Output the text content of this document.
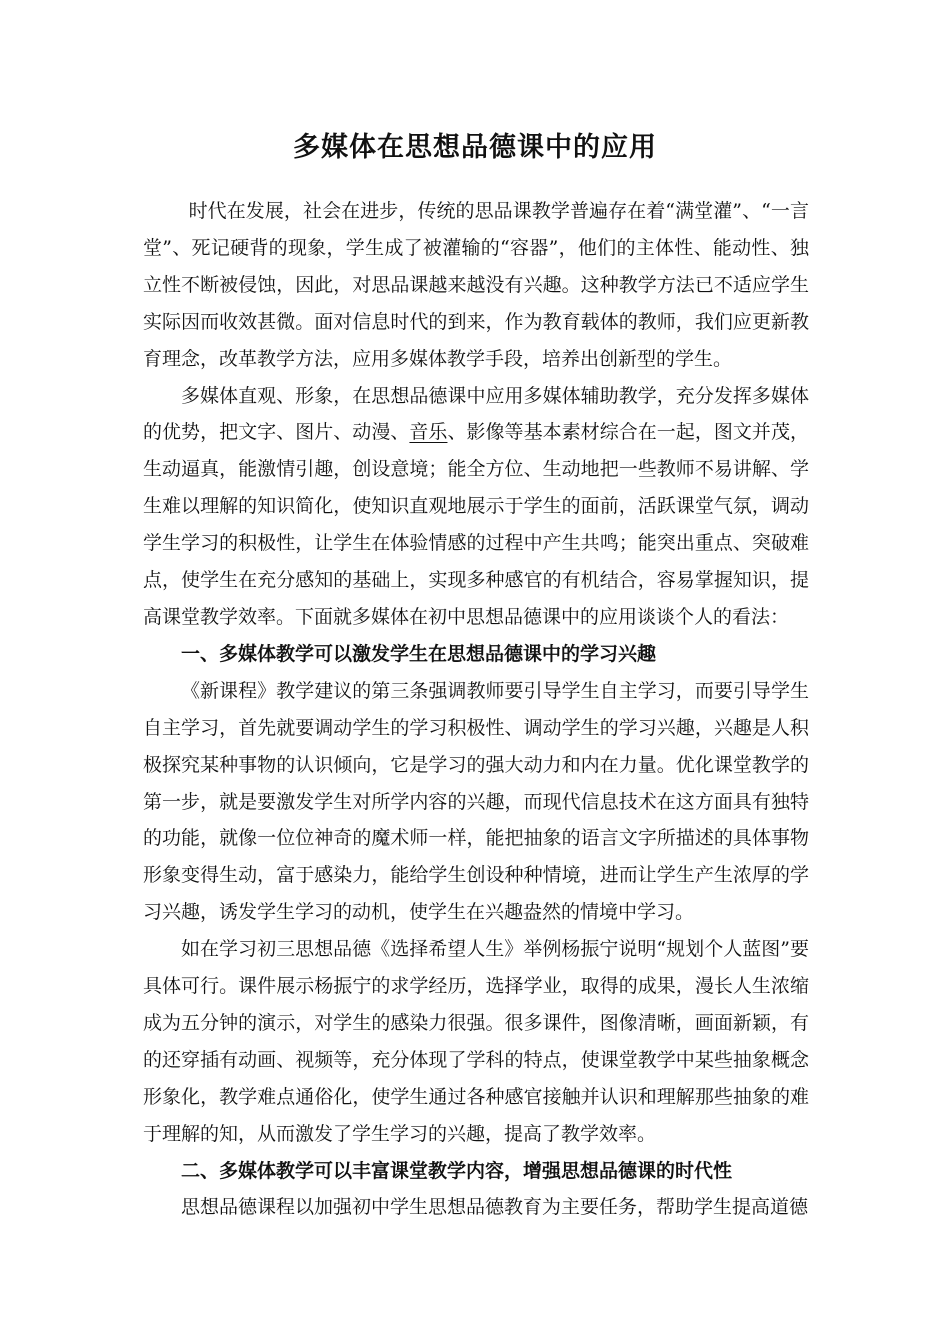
多媒体在思想品德课中的应用

时代在发展，社会在进步，传统的思品课教学普遍存在着“满堂灌”、“一言堂”、死记硬背的现象，学生成了被灌输的“容器”，他们的主体性、能动性、独立性不断被侵蚀，因此，对思品课越来越没有兴趣。这种教学方法已不适应学生实际因而收效甚微。面对信息时代的到来，作为教育载体的教师，我们应更新教育理念，改革教学方法，应用多媒体教学手段，培养出创新型的学生。

多媒体直观、形象，在思想品德课中应用多媒体辅助教学，充分发挥多媒体的优势，把文字、图片、动漫、音乐、影像等基本素材综合在一起，图文并茂，生动逼真，能激情引趣，创设意境；能全方位、生动地把一些教师不易讲解、学生难以理解的知识简化，使知识直观地展示于学生的面前，活跃课堂气氛，调动学生学习的积极性，让学生在体验情感的过程中产生共鸣；能突出重点、突破难点，使学生在充分感知的基础上，实现多种感官的有机结合，容易掌握知识，提高课堂教学效率。下面就多媒体在初中思想品德课中的应用谈谈个人的看法：

一、多媒体教学可以激发学生在思想品德课中的学习兴趣

《新课程》教学建议的第三条强调教师要引导学生自主学习，而要引导学生自主学习，首先就要调动学生的学习积极性、调动学生的学习兴趣，兴趣是人积极探究某种事物的认识倾向，它是学习的强大动力和内在力量。优化课堂教学的第一步，就是要激发学生对所学内容的兴趣，而现代信息技术在这方面具有独特的功能，就像一位位神奇的魔术师一样，能把抽象的语言文字所描述的具体事物形象变得生动，富于感染力，能给学生创设种种情境，进而让学生产生浓厚的学习兴趣，诱发学生学习的动机，使学生在兴趣盎然的情境中学习。

如在学习初三思想品德《选择希望人生》举例杨振宁说明“规划个人蓝图”要具体可行。课件展示杨振宁的求学经历，选择学业，取得的成果，漫长人生浓缩成为五分钟的演示，对学生的感染力很强。很多课件，图像清晰，画面新颖，有的还穿插有动画、视频等，充分体现了学科的特点，使课堂教学中某些抽象概念形象化，教学难点通俗化，使学生通过各种感官接触并认识和理解那些抽象的难于理解的知，从而激发了学生学习的兴趣，提高了教学效率。

二、多媒体教学可以丰富课堂教学内容，增强思想品德课的时代性

思想品德课程以加强初中学生思想品德教育为主要任务，帮助学生提高道德
